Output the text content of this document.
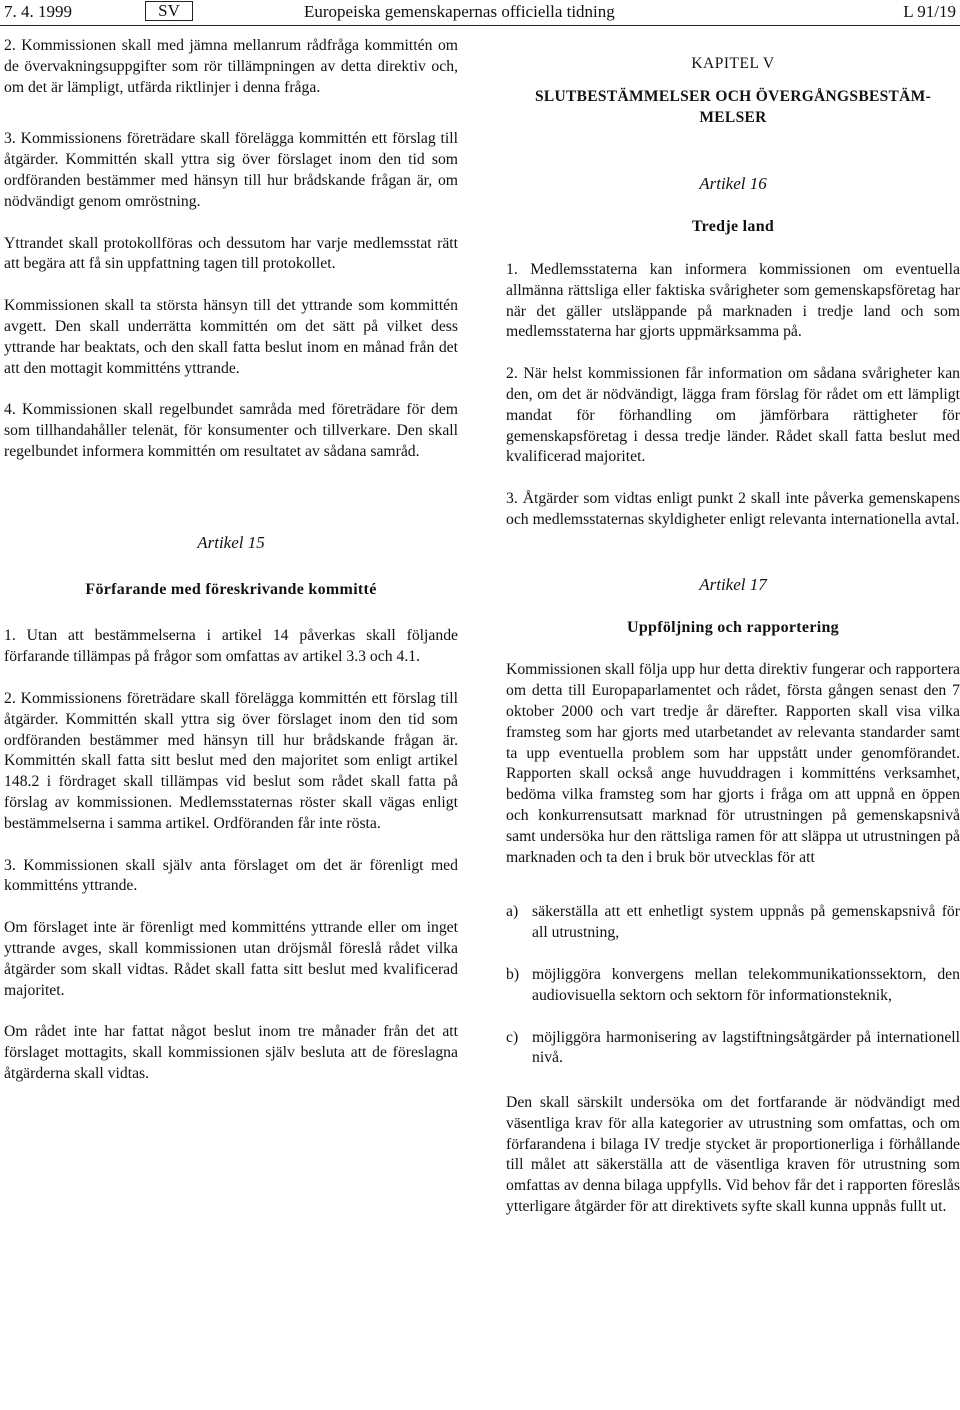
7. 4. 1999	SV	Europeiska gemenskapernas officiella tidning	L 91/19

2. Kommissionen skall med jämna mellanrum rådfråga kommittén om de övervakningsuppgifter som rör tillämpningen av detta direktiv och, om det är lämpligt, utfärda riktlinjer i denna fråga.

3. Kommissionens företrädare skall förelägga kommittén ett förslag till åtgärder. Kommittén skall yttra sig över förslaget inom den tid som ordföranden bestämmer med hänsyn till hur brådskande frågan är, om nödvändigt genom omröstning.

Yttrandet skall protokollföras och dessutom har varje medlemsstat rätt att begära att få sin uppfattning tagen till protokollet.

Kommissionen skall ta största hänsyn till det yttrande som kommittén avgett. Den skall underrätta kommittén om det sätt på vilket dess yttrande har beaktats, och den skall fatta beslut inom en månad från det att den mottagit kommitténs yttrande.

4. Kommissionen skall regelbundet samråda med företrädare för dem som tillhandahåller telenät, för konsumenter och tillverkare. Den skall regelbundet informera kommittén om resultatet av sådana samråd.

Artikel 15
Förfarande med föreskrivande kommitté

1. Utan att bestämmelserna i artikel 14 påverkas skall följande förfarande tillämpas på frågor som omfattas av artikel 3.3 och 4.1.

2. Kommissionens företrädare skall förelägga kommittén ett förslag till åtgärder. Kommittén skall yttra sig över förslaget inom den tid som ordföranden bestämmer med hänsyn till hur brådskande frågan är. Kommittén skall fatta sitt beslut med den majoritet som enligt artikel 148.2 i fördraget skall tillämpas vid beslut som rådet skall fatta på förslag av kommissionen. Medlemsstaternas röster skall vägas enligt bestämmelserna i samma artikel. Ordföranden får inte rösta.

3. Kommissionen skall själv anta förslaget om det är förenligt med kommitténs yttrande.

Om förslaget inte är förenligt med kommitténs yttrande eller om inget yttrande avges, skall kommissionen utan dröjsmål föreslå rådet vilka åtgärder som skall vidtas. Rådet skall fatta sitt beslut med kvalificerad majoritet.

Om rådet inte har fattat något beslut inom tre månader från det att förslaget mottagits, skall kommissionen själv besluta att de föreslagna åtgärderna skall vidtas.

KAPITEL V
SLUTBESTÄMMELSER OCH ÖVERGÅNGSBESTÄM-MELSER
Artikel 16
Tredje land

1. Medlemsstaterna kan informera kommissionen om eventuella allmänna rättsliga eller faktiska svårigheter som gemenskapsföretag har när det gäller utsläppande på marknaden i tredje land och som medlemsstaterna har gjorts uppmärksamma på.

2. När helst kommissionen får information om sådana svårigheter kan den, om det är nödvändigt, lägga fram förslag för rådet om ett lämpligt mandat för förhandling om jämförbara rättigheter för gemenskapsföretag i dessa tredje länder. Rådet skall fatta beslut med kvalificerad majoritet.

3. Åtgärder som vidtas enligt punkt 2 skall inte påverka gemenskapens och medlemsstaternas skyldigheter enligt relevanta internationella avtal.

Artikel 17
Uppföljning och rapportering

Kommissionen skall följa upp hur detta direktiv fungerar och rapportera om detta till Europaparlamentet och rådet, första gången senast den 7 oktober 2000 och vart tredje år därefter. Rapporten skall visa vilka framsteg som har gjorts med utarbetandet av relevanta standarder samt ta upp eventuella problem som har uppstått under genomförandet. Rapporten skall också ange huvuddragen i kommitténs verksamhet, bedöma vilka framsteg som har gjorts i fråga om att uppnå en öppen och konkurrensutsatt marknad för utrustningen på gemenskapsnivå samt undersöka hur den rättsliga ramen för att släppa ut utrustningen på marknaden och ta den i bruk bör utvecklas för att

a) säkerställa att ett enhetligt system uppnås på gemenskapsnivå för all utrustning,
b) möjliggöra konvergens mellan telekommunikationssektorn, den audiovisuella sektorn och sektorn för informationsteknik,
c) möjliggöra harmonisering av lagstiftningsåtgärder på internationell nivå.

Den skall särskilt undersöka om det fortfarande är nödvändigt med väsentliga krav för alla kategorier av utrustning som omfattas, och om förfarandena i bilaga IV tredje stycket är proportionerliga i förhållande till målet att säkerställa att de väsentliga kraven för utrustning som omfattas av denna bilaga uppfylls. Vid behov får det i rapporten föreslås ytterligare åtgärder för att direktivets syfte skall kunna uppnås fullt ut.
